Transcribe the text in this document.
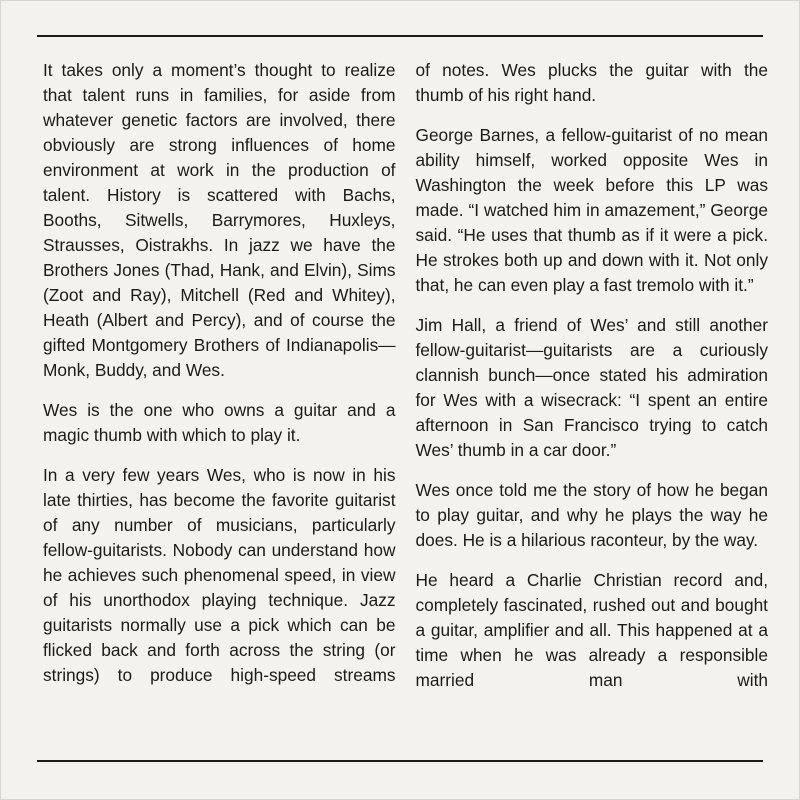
It takes only a moment’s thought to realize that talent runs in families, for aside from whatever genetic factors are involved, there obviously are strong influences of home environment at work in the production of talent. History is scattered with Bachs, Booths, Sitwells, Barrymores, Huxleys, Strausses, Oistrakhs. In jazz we have the Brothers Jones (Thad, Hank, and Elvin), Sims (Zoot and Ray), Mitchell (Red and Whitey), Heath (Albert and Percy), and of course the gifted Montgomery Brothers of Indianapolis—Monk, Buddy, and Wes.

Wes is the one who owns a guitar and a magic thumb with which to play it.

In a very few years Wes, who is now in his late thirties, has become the favorite guitarist of any number of musicians, particularly fellow-guitarists. Nobody can understand how he achieves such phenomenal speed, in view of his unorthodox playing technique. Jazz guitarists normally use a pick which can be flicked back and forth across the string (or strings) to produce high-speed streams

of notes. Wes plucks the guitar with the thumb of his right hand.

George Barnes, a fellow-guitarist of no mean ability himself, worked opposite Wes in Washington the week before this LP was made. “I watched him in amazement,” George said. “He uses that thumb as if it were a pick. He strokes both up and down with it. Not only that, he can even play a fast tremolo with it.”

Jim Hall, a friend of Wes’ and still another fellow-guitarist—guitarists are a curiously clannish bunch—once stated his admiration for Wes with a wisecrack: “I spent an entire afternoon in San Francisco trying to catch Wes’ thumb in a car door.”

Wes once told me the story of how he began to play guitar, and why he plays the way he does. He is a hilarious raconteur, by the way.

He heard a Charlie Christian record and, completely fascinated, rushed out and bought a guitar, amplifier and all. This happened at a time when he was already a responsible married man with
